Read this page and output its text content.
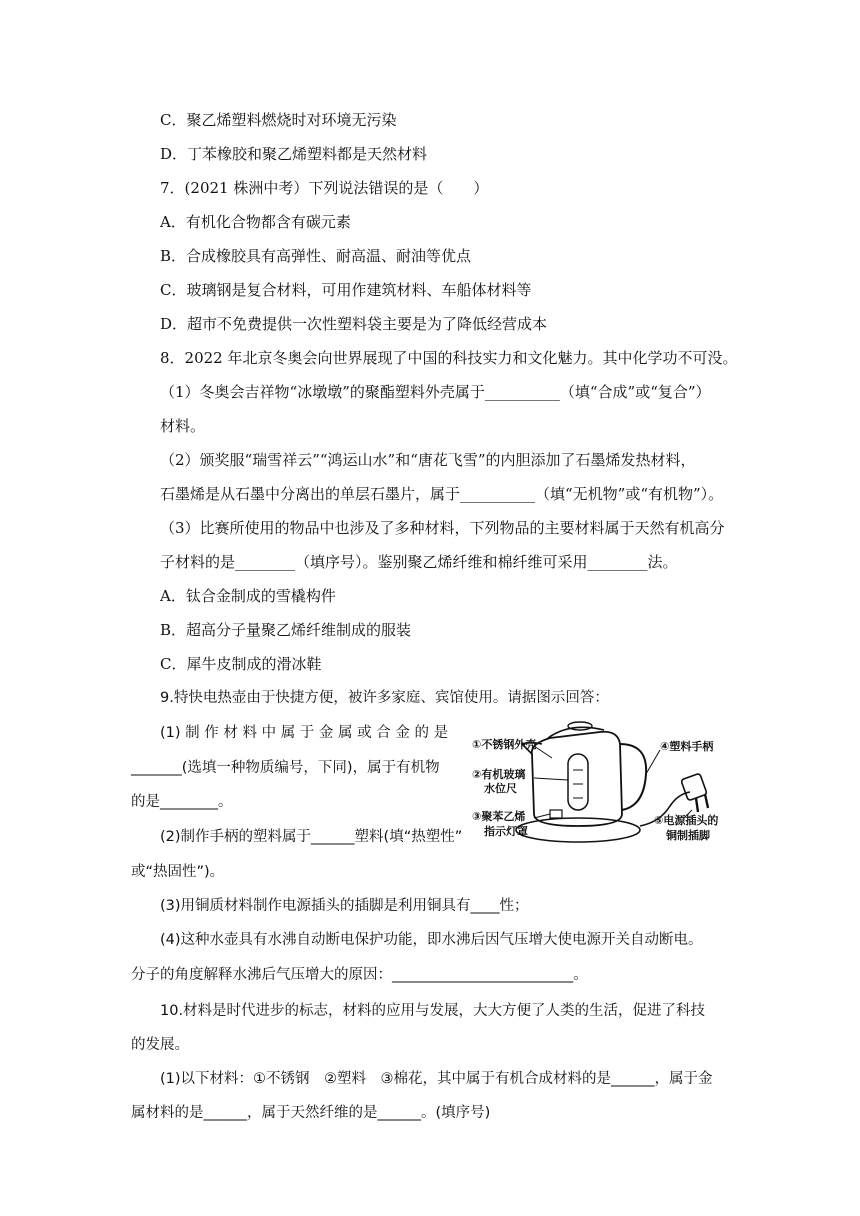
C．聚乙烯塑料燃烧时对环境无污染
D．丁苯橡胶和聚乙烯塑料都是天然材料
7．(2021 株洲中考）下列说法错误的是（　　）
A．有机化合物都含有碳元素
B．合成橡胶具有高弹性、耐高温、耐油等优点
C．玻璃钢是复合材料，可用作建筑材料、车船体材料等
D．超市不免费提供一次性塑料袋主要是为了降低经营成本
8．2022 年北京冬奥会向世界展现了中国的科技实力和文化魅力。其中化学功不可没。
（1）冬奥会吉祥物“冰墩墩”的聚酯塑料外壳属于__________（填“合成”或“复合”）
材料。
（2）颁奖服“瑞雪祥云”“鸿运山水”和“唐花飞雪”的内胆添加了石墨烯发热材料，
石墨烯是从石墨中分离出的单层石墨片，属于__________（填“无机物”或“有机物”）。
（3）比赛所使用的物品中也涉及了多种材料，下列物品的主要材料属于天然有机高分
子材料的是________（填序号）。鉴别聚乙烯纤维和棉纤维可采用________法。
A．钛合金制成的雪橇构件
B．超高分子量聚乙烯纤维制成的服装
C．犀牛皮制成的滑冰鞋
9.特快电热壶由于快捷方便，被许多家庭、宾馆使用。请据图示回答：
(1) 制 作 材 料 中 属 于 金 属 或 合 金 的 是
_______(选填一种物质编号，下同)，属于有机物
的是________。
(2)制作手柄的塑料属于______塑料(填“热塑性”
或“热固性”)。
(3)用铜质材料制作电源插头的插脚是利用铜具有____性；
(4)这种水壶具有水沸自动断电保护功能，即水沸后因气压增大使电源开关自动断电。
分子的角度解释水沸后气压增大的原因：_________________________。
10.材料是时代进步的标志，材料的应用与发展，大大方便了人类的生活，促进了科技
的发展。
(1)以下材料：①不锈钢　②塑料　③棉花，其中属于有机合成材料的是______，属于金
属材料的是______，属于天然纤维的是______。(填序号)
①不锈钢外壳
②有机玻璃
水位尺
③聚苯乙烯
指示灯罩
④塑料手柄
⑤电源插头的
铜制插脚
